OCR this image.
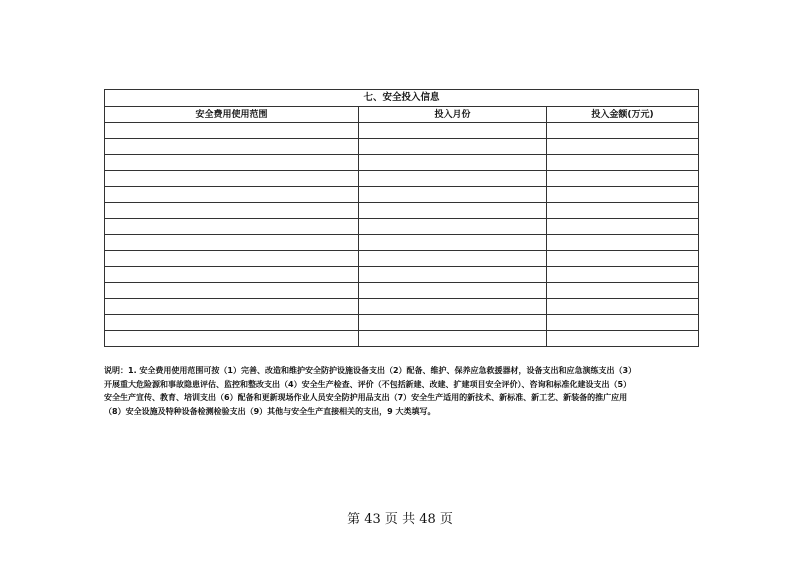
七、安全投入信息		
安全费用使用范围	投入月份	投入金额(万元)

说明：1. 安全费用使用范围可按（1）完善、改造和维护安全防护设施设备支出（2）配备、维护、保养应急救援器材，设备支出和应急演练支出（3）

开展重大危险源和事故隐患评估、监控和整改支出（4）安全生产检查、评价（不包括新建、改建、扩建项目安全评价）、咨询和标准化建设支出（5）

安全生产宣传、教育、培训支出（6）配备和更新现场作业人员安全防护用品支出（7）安全生产适用的新技术、新标准、新工艺、新装备的推广应用

（8）安全设施及特种设备检测检验支出（9）其他与安全生产直接相关的支出，9 大类填写。

第 43 页 共 48 页
